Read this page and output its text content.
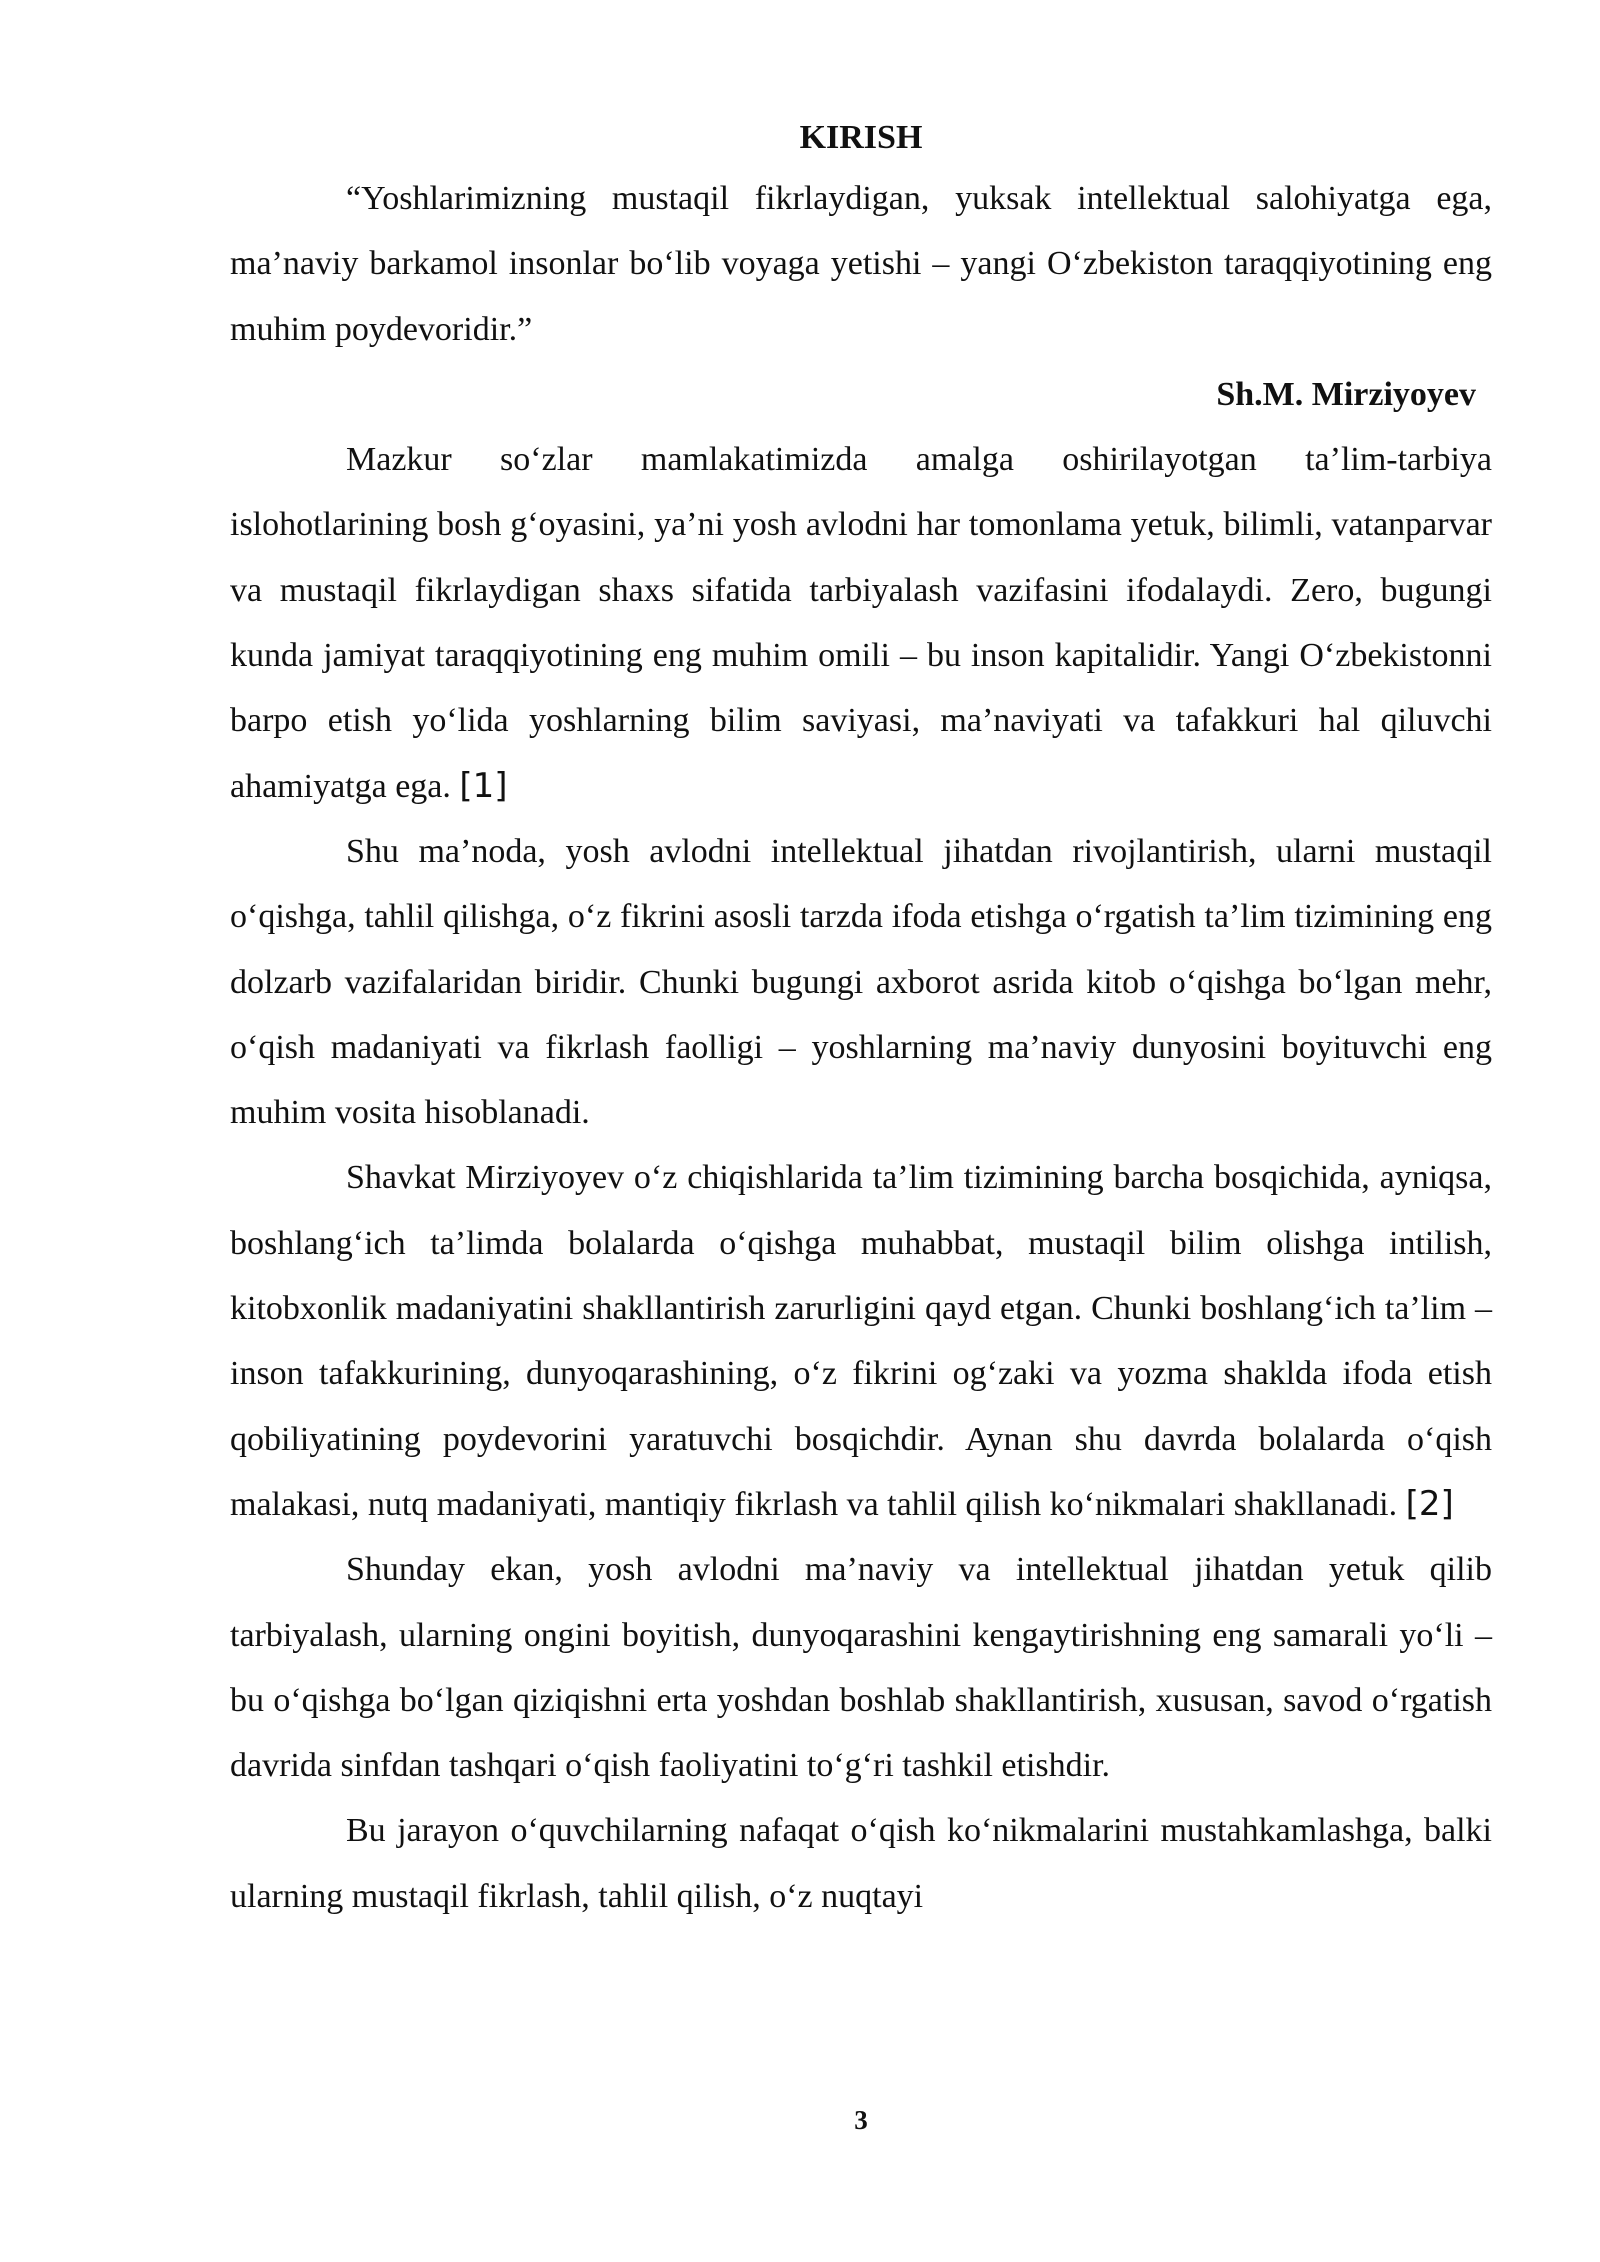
KIRISH

“Yoshlarimizning mustaqil fikrlaydigan, yuksak intellektual salohiyatga ega, ma’naviy barkamol insonlar bo‘lib voyaga yetishi – yangi O‘zbekiston taraqqiyotining eng muhim poydevoridir.”

Sh.M. Mirziyoyev

Mazkur so‘zlar mamlakatimizda amalga oshirilayotgan ta’lim-tarbiya islohotlarining bosh g‘oyasini, ya’ni yosh avlodni har tomonlama yetuk, bilimli, vatanparvar va mustaqil fikrlaydigan shaxs sifatida tarbiyalash vazifasini ifodalaydi. Zero, bugungi kunda jamiyat taraqqiyotining eng muhim omili – bu inson kapitalidir. Yangi O‘zbekistonni barpo etish yo‘lida yoshlarning bilim saviyasi, ma’naviyati va tafakkuri hal qiluvchi ahamiyatga ega. [1]

Shu ma’noda, yosh avlodni intellektual jihatdan rivojlantirish, ularni mustaqil o‘qishga, tahlil qilishga, o‘z fikrini asosli tarzda ifoda etishga o‘rgatish ta’lim tizimining eng dolzarb vazifalaridan biridir. Chunki bugungi axborot asrida kitob o‘qishga bo‘lgan mehr, o‘qish madaniyati va fikrlash faolligi – yoshlarning ma’naviy dunyosini boyituvchi eng muhim vosita hisoblanadi.

Shavkat Mirziyoyev o‘z chiqishlarida ta’lim tizimining barcha bosqichida, ayniqsa, boshlang‘ich ta’limda bolalarda o‘qishga muhabbat, mustaqil bilim olishga intilish, kitobxonlik madaniyatini shakllantirish zarurligini qayd etgan. Chunki boshlang‘ich ta’lim – inson tafakkurining, dunyoqarashining, o‘z fikrini og‘zaki va yozma shaklda ifoda etish qobiliyatining poydevorini yaratuvchi bosqichdir. Aynan shu davrda bolalarda o‘qish malakasi, nutq madaniyati, mantiqiy fikrlash va tahlil qilish ko‘nikmalari shakllanadi. [2]

Shunday ekan, yosh avlodni ma’naviy va intellektual jihatdan yetuk qilib tarbiyalash, ularning ongini boyitish, dunyoqarashini kengaytirishning eng samarali yo‘li – bu o‘qishga bo‘lgan qiziqishni erta yoshdan boshlab shakllantirish, xususan, savod o‘rgatish davrida sinfdan tashqari o‘qish faoliyatini to‘g‘ri tashkil etishdir.

Bu jarayon o‘quvchilarning nafaqat o‘qish ko‘nikmalarini mustahkamlashga, balki ularning mustaqil fikrlash, tahlil qilish, o‘z nuqtayi

3
